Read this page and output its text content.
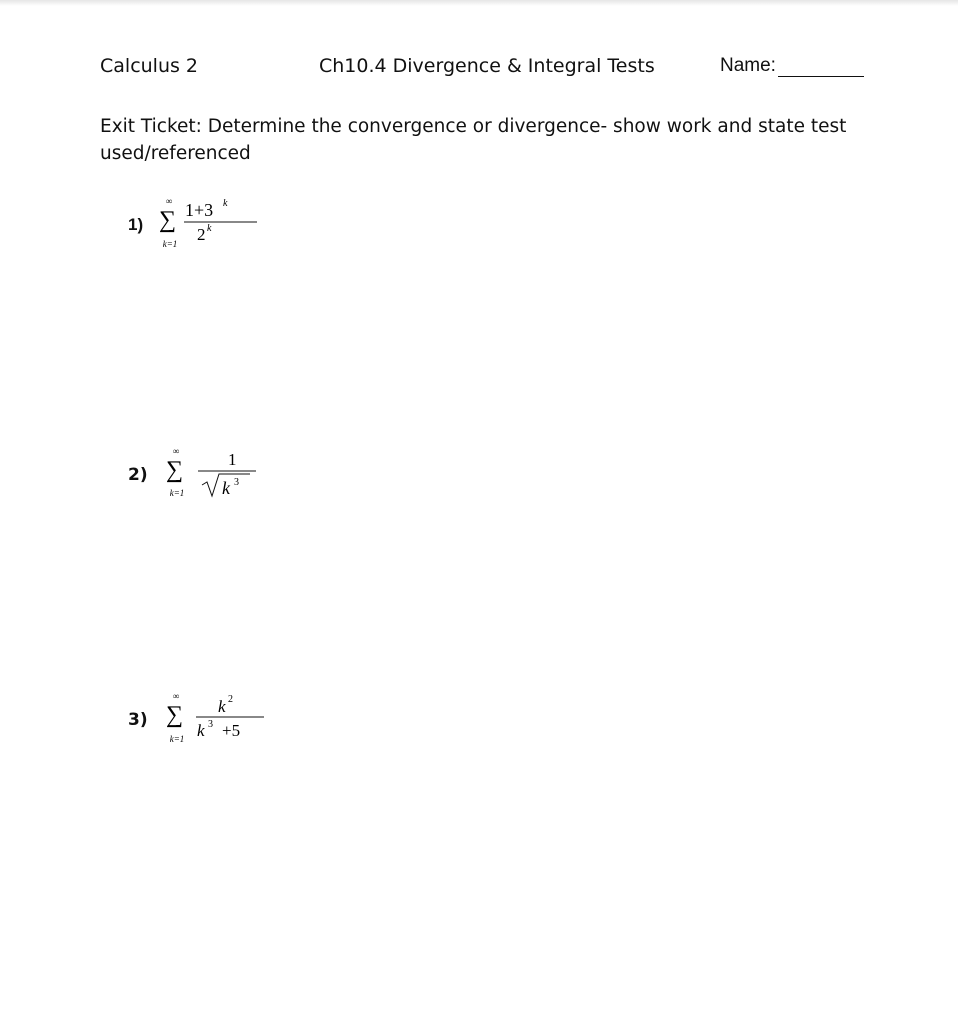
Calculus 2	Ch10.4 Divergence & Integral Tests	Name:
Exit Ticket: Determine the convergence or divergence- show work and state test used/referenced
1)
∞
∑
k=1
1+3 k
2 k
2)
∞
∑
k=1
1
k 3
3)
∞
∑
k=1
k 2
k 3 +5
